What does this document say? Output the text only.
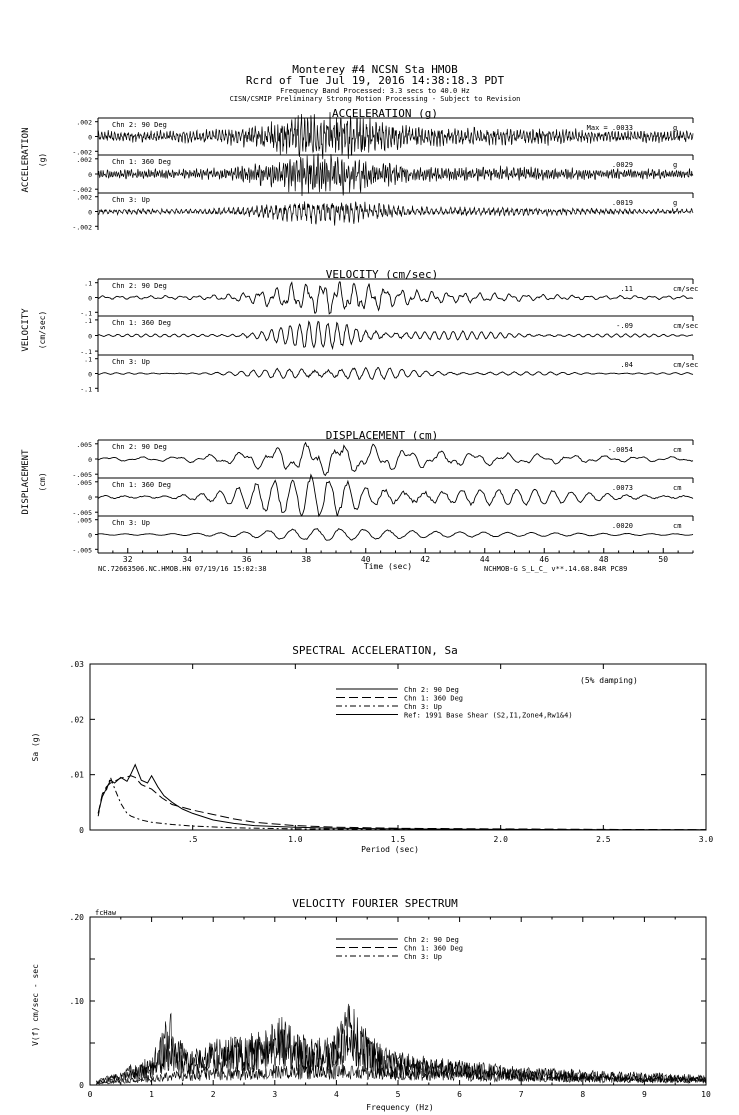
Monterey #4 NCSN Sta HMOB
Rcrd of Tue Jul 19, 2016 14:38:18.3 PDT
Frequency Band Processed: 3.3 secs to 40.0 Hz
CISN/CSMIP Preliminary Strong Motion Processing - Subject to Revision
ACCELERATION (g)
VELOCITY (cm/sec)
DISPLACEMENT (cm)
ACCELERATION (g)
VELOCITY (cm/sec)
DISPLACEMENT (cm)
32	34	36	38	40	42	44	46	48	50
Time (sec)
NC.72663506.NC.HMOB.HN 07/19/16 15:02:38	NCHMOB-G S_L_C_ v**.14.68.84R PC89
.002
0
-.002
Chn 2: 90 Deg	Max = .0033	g
.002
0
-.002
Chn 1: 360 Deg	.0029	g
.002
0
-.002
Chn 3: Up	.0019	g
.1
0
-.1
Chn 2: 90 Deg	.11	cm/sec
.1
0
-.1
Chn 1: 360 Deg	-.09	cm/sec
.1
0
-.1
Chn 3: Up	.04	cm/sec
.005
0
-.005
Chn 2: 90 Deg	-.0054	cm
.005
0
-.005
Chn 1: 360 Deg	.0073	cm
.005
0
-.005
Chn 3: Up	.0020	cm
SPECTRAL ACCELERATION, Sa
(5% damping)
Sa (g)
Period (sec)
.5	1.0	1.5	2.0	2.5	3.0
.03
.02
.01
0
Chn 2: 90 Deg
Chn 1: 360 Deg
Chn 3: Up
Ref: 1991 Base Shear (S2,I1,Zone4,Rw1&4)
VELOCITY FOURIER SPECTRUM
fcHaw
V(f) cm/sec - sec
Frequency (Hz)
0	1	2	3	4	5	6	7	8	9	10
.20
.10
0
Chn 2: 90 Deg
Chn 1: 360 Deg
Chn 3: Up
